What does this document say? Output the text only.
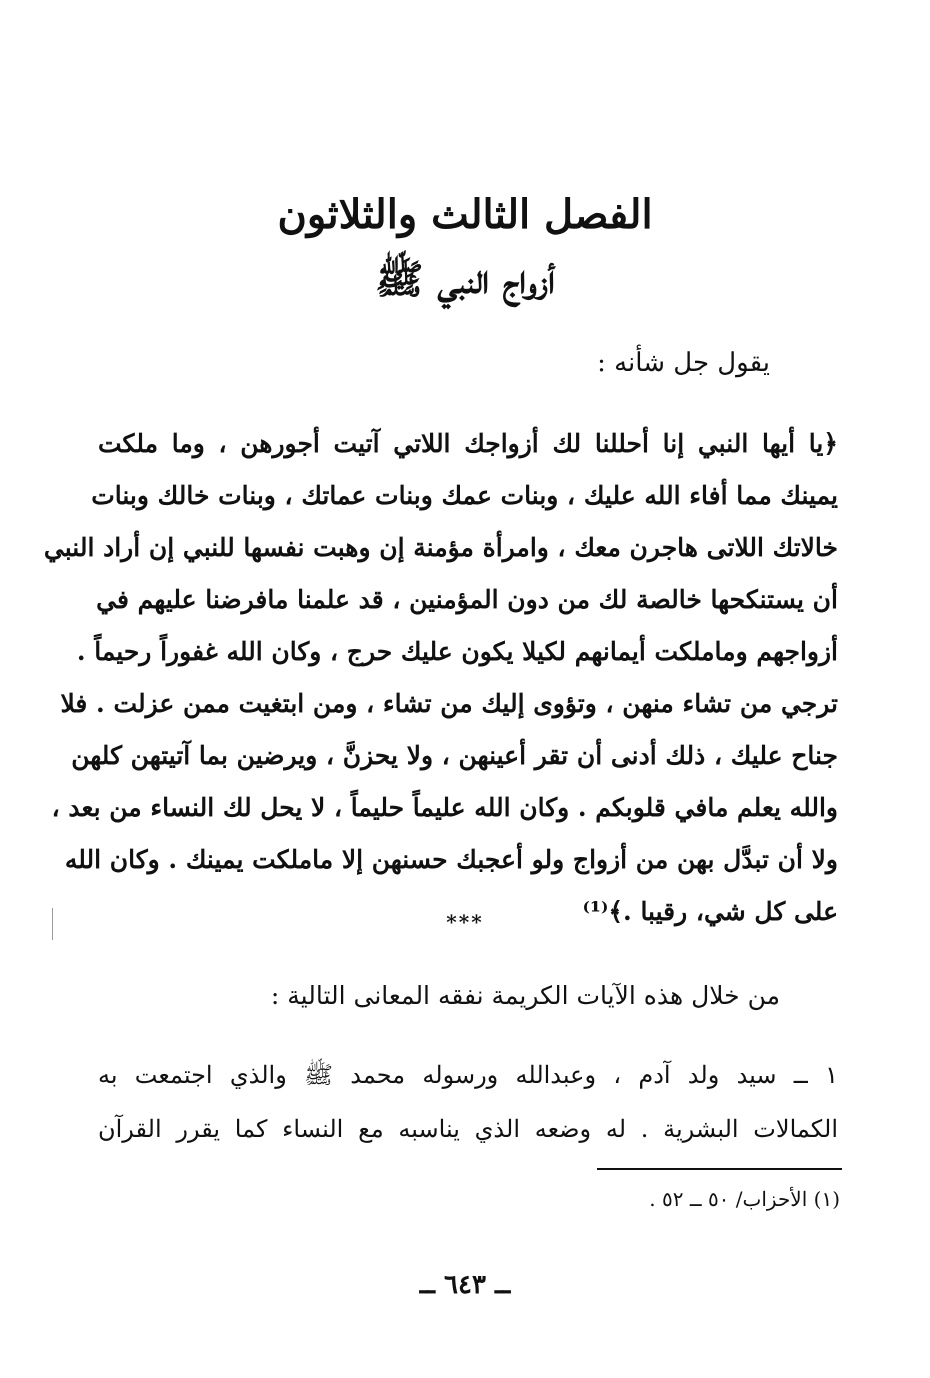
الفصل الثالث والثلاثون
أزواج النبي ﷺ
يقول جل شأنه :
﴿يا أيها النبي إنا أحللنا لك أزواجك اللاتي آتيت أجورهن ، وما ملكت
يمينك مما أفاء الله عليك ، وبنات عمك وبنات عماتك ، وبنات خالك وبنات
خالاتك اللاتى هاجرن معك ، وامرأة مؤمنة إن وهبت نفسها للنبي إن أراد النبي
أن يستنكحها خالصة لك من دون المؤمنين ، قد علمنا مافرضنا عليهم في
أزواجهم وماملكت أيمانهم لكيلا يكون عليك حرج ، وكان الله غفوراً رحيماً .
ترجي من تشاء منهن ، وتؤوى إليك من تشاء ، ومن ابتغيت ممن عزلت . فلا
جناح عليك ، ذلك أدنى أن تقر أعينهن ، ولا يحزنَّ ، ويرضين بما آتيتهن كلهن
والله يعلم مافي قلوبكم . وكان الله عليماً حليماً ، لا يحل لك النساء من بعد ،
ولا أن تبدَّل بهن من أزواج ولو أعجبك حسنهن إلا ماملكت يمينك . وكان الله
على كل شي، رقيبا .﴾⁽¹⁾
***
من خلال هذه الآيات الكريمة نفقه المعانى التالية :
١ ــ سيد ولد آدم ، وعبدالله ورسوله محمد ﷺ والذي اجتمعت به
الكمالات البشرية . له وضعه الذي يناسبه مع النساء كما يقرر القرآن
(١) الأحزاب/ ٥٠ ــ ٥٢ .
ــ ٦٤٣ ــ
